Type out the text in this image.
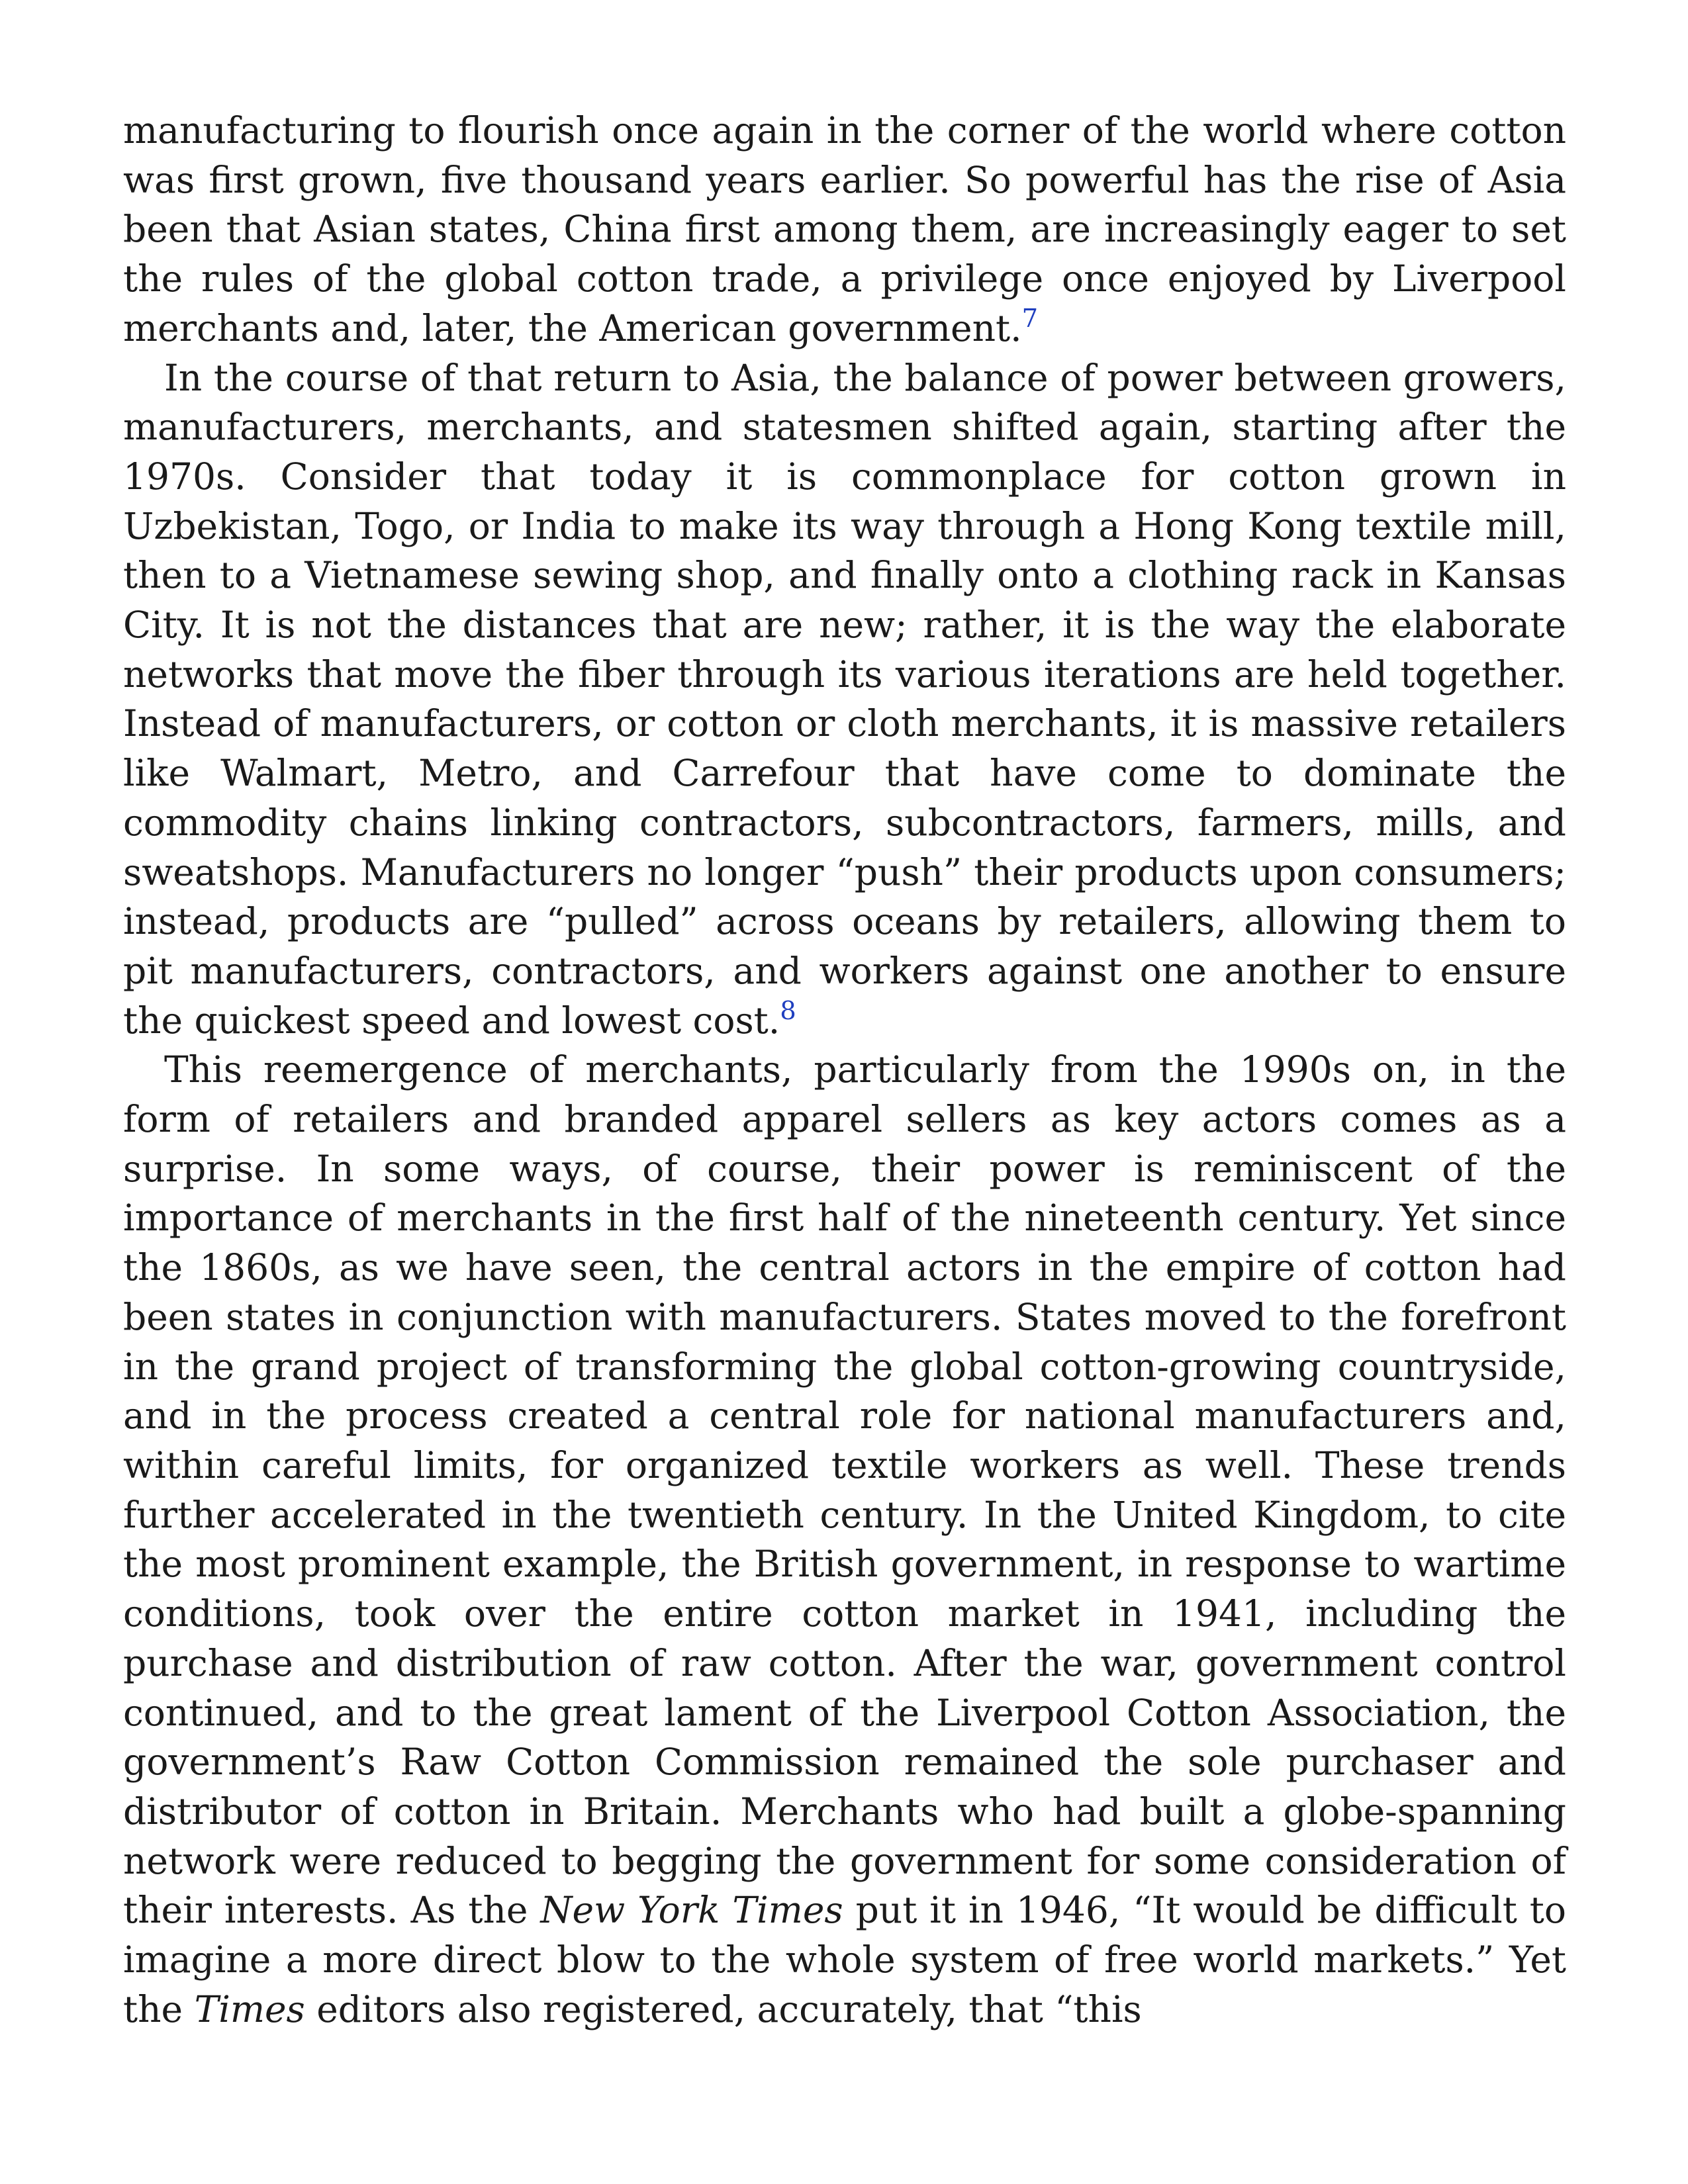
manufacturing to flourish once again in the corner of the world where cotton was first grown, five thousand years earlier. So powerful has the rise of Asia been that Asian states, China first among them, are increasingly eager to set the rules of the global cotton trade, a privilege once enjoyed by Liverpool merchants and, later, the American government.$^7$

In the course of that return to Asia, the balance of power between growers, manufacturers, merchants, and statesmen shifted again, starting after the 1970s. Consider that today it is commonplace for cotton grown in Uzbekistan, Togo, or India to make its way through a Hong Kong textile mill, then to a Vietnamese sewing shop, and finally onto a clothing rack in Kansas City. It is not the distances that are new; rather, it is the way the elaborate networks that move the fiber through its various iterations are held together. Instead of manufacturers, or cotton or cloth merchants, it is massive retailers like Walmart, Metro, and Carrefour that have come to dominate the commodity chains linking contractors, subcontractors, farmers, mills, and sweatshops. Manufacturers no longer “push” their products upon consumers; instead, products are “pulled” across oceans by retailers, allowing them to pit manufacturers, contractors, and workers against one another to ensure the quickest speed and lowest cost.$^8$

This reemergence of merchants, particularly from the 1990s on, in the form of retailers and branded apparel sellers as key actors comes as a surprise. In some ways, of course, their power is reminiscent of the importance of merchants in the first half of the nineteenth century. Yet since the 1860s, as we have seen, the central actors in the empire of cotton had been states in conjunction with manufacturers. States moved to the forefront in the grand project of transforming the global cotton-growing countryside, and in the process created a central role for national manufacturers and, within careful limits, for organized textile workers as well. These trends further accelerated in the twentieth century. In the United Kingdom, to cite the most prominent example, the British government, in response to wartime conditions, took over the entire cotton market in 1941, including the purchase and distribution of raw cotton. After the war, government control continued, and to the great lament of the Liverpool Cotton Association, the government’s Raw Cotton Commission remained the sole purchaser and distributor of cotton in Britain. Merchants who had built a globe-spanning network were reduced to begging the government for some consideration of their interests. As the New York Times put it in 1946, “It would be difficult to imagine a more direct blow to the whole system of free world markets.” Yet the Times editors also registered, accurately, that “this
